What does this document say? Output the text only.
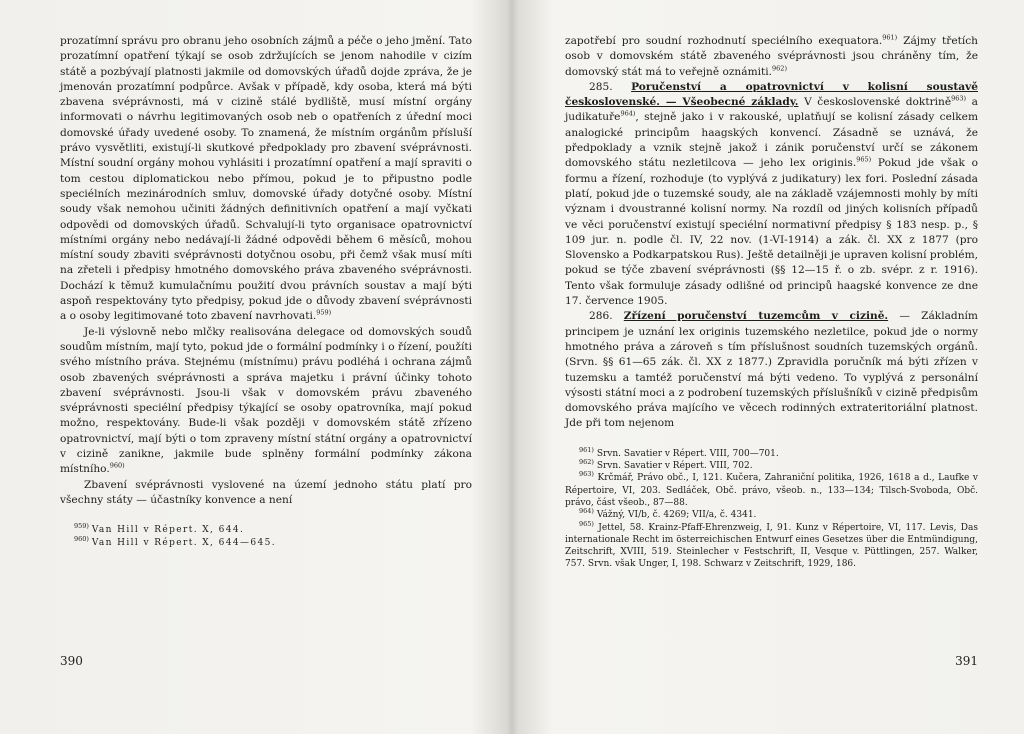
prozatímní správu pro obranu jeho osobních zájmů a péče o jeho jmění. Tato prozatímní opatření týkají se osob zdržujících se jenom nahodile v cizím státě a pozbývají platnosti jakmile od domovských úřadů dojde zpráva, že je jmenován prozatímní podpůrce. Avšak v případě, kdy osoba, která má býti zbavena svéprávnosti, má v cizině stálé bydliště, musí místní orgány informovati o návrhu legitimovaných osob neb o opatřeních z úřední moci domovské úřady uvedené osoby. To znamená, že místním orgánům přísluší právo vysvětliti, existují-li skutkové předpoklady pro zbavení svéprávnosti. Místní soudní orgány mohou vyhlásiti i prozatímní opatření a mají spraviti o tom cestou diplomatickou nebo přímou, pokud je to připustno podle speciélních mezinárodních smluv, domovské úřady dotyčné osoby. Místní soudy však nemohou učiniti žádných definitivních opatření a mají vyčkati odpovědi od domovských úřadů. Schvalují-li tyto organisace opatrovnictví místními orgány nebo nedávají-li žádné odpovědi během 6 měsíců, mohou místní soudy zbaviti svéprávnosti dotyčnou osobu, při čemž však musí míti na zřeteli i předpisy hmotného domovského práva zbaveného svéprávnosti. Dochází k těmuž kumulačnímu použití dvou právních soustav a mají býti aspoň respektovány tyto předpisy, pokud jde o důvody zbavení svéprávnosti a o osoby legitimované toto zbavení navrhovati.$^{959)}$

Je-li výslovně nebo mlčky realisována delegace od domovských soudů soudům místním, mají tyto, pokud jde o formální podmínky i o řízení, použíti svého místního práva. Stejnému (místnímu) právu podléhá i ochrana zájmů osob zbavených svéprávnosti a správa majetku i právní účinky tohoto zbavení svéprávnosti. Jsou-li však v domovském právu zbaveného svéprávnosti speciélní předpisy týkající se osoby opatrovníka, mají pokud možno, respektovány. Bude-li však později v domovském státě zřízeno opatrovnictví, mají býti o tom zpraveny místní státní orgány a opatrovnictví v cizině zanikne, jakmile bude splněny formální podmínky zákona místního.$^{960)}$

Zbavení svéprávnosti vyslovené na území jednoho státu platí pro všechny státy — účastníky konvence a není

$^{959)}$ Van Hill v Répert. X, 644.

$^{960)}$ Van Hill v Répert. X, 644—645.

390

zapotřebí pro soudní rozhodnutí speciélního exequatora.$^{961)}$ Zájmy třetích osob v domovském státě zbaveného svéprávnosti jsou chráněny tím, že domovský stát má to veřejně oznámiti.$^{962)}$

285. Poručenství a opatrovnictví v kolisní soustavě československé. — Všeobecné základy. V československé doktrině$^{963)}$ a judikatuře$^{964)}$, stejně jako i v rakouské, uplatňují se kolisní zásady celkem analogické principům haagských konvencí. Zásadně se uznává, že předpoklady a vznik stejně jakož i zánik poručenství určí se zákonem domovského státu nezletilcova — jeho lex originis.$^{965)}$ Pokud jde však o formu a řízení, rozhoduje (to vyplývá z judikatury) lex fori. Poslední zásada platí, pokud jde o tuzemské soudy, ale na základě vzájemnosti mohly by míti význam i dvoustranné kolisní normy. Na rozdíl od jiných kolisních případů ve věci poručenství existují speciélní normativní předpisy § 183 nesp. p., § 109 jur. n. podle čl. IV, 22 nov. (1-VI-1914) a zák. čl. XX z 1877 (pro Slovensko a Podkarpatskou Rus). Ještě detailněji je upraven kolisní problém, pokud se týče zbavení svéprávnosti (§§ 12—15 ř. o zb. svépr. z r. 1916). Tento však formuluje zásady odlišné od principů haagské konvence ze dne 17. července 1905.

286. Zřízení poručenství tuzemcům v cizině. — Základním principem je uznání lex originis tuzemského nezletilce, pokud jde o normy hmotného práva a zároveň s tím příslušnost soudních tuzemských orgánů. (Srvn. §§ 61—65 zák. čl. XX z 1877.) Zpravidla poručník má býti zřízen v tuzemsku a tamtéž poručenství má býti vedeno. To vyplývá z personální výsosti státní moci a z podrobení tuzemských příslušníků v cizině předpisům domovského práva majícího ve věcech rodinných extrateritoriální platnost. Jde při tom nejenom

$^{961)}$ Srvn. Savatier v Répert. VIII, 700—701.

$^{962)}$ Srvn. Savatier v Répert. VIII, 702.

$^{963)}$ Krčmář, Právo obč., I, 121. Kučera, Zahraniční politika, 1926, 1618 a d., Laufke v Répertoire, VI, 203. Sedláček, Obč. právo, všeob. n., 133—134; Tilsch-Svoboda, Obč. právo, část všeob., 87—88.

$^{964)}$ Vážný, VI/b, č. 4269; VII/a, č. 4341.

$^{965)}$ Jettel, 58. Krainz-Pfaff-Ehrenzweig, I, 91. Kunz v Répertoire, VI, 117. Levis, Das internationale Recht im österreichischen Entwurf eines Gesetzes über die Entmündigung, Zeitschrift, XVIII, 519. Steinlecher v Festschrift, II, Vesque v. Püttlingen, 257. Walker, 757. Srvn. však Unger, I, 198. Schwarz v Zeitschrift, 1929, 186.

391
